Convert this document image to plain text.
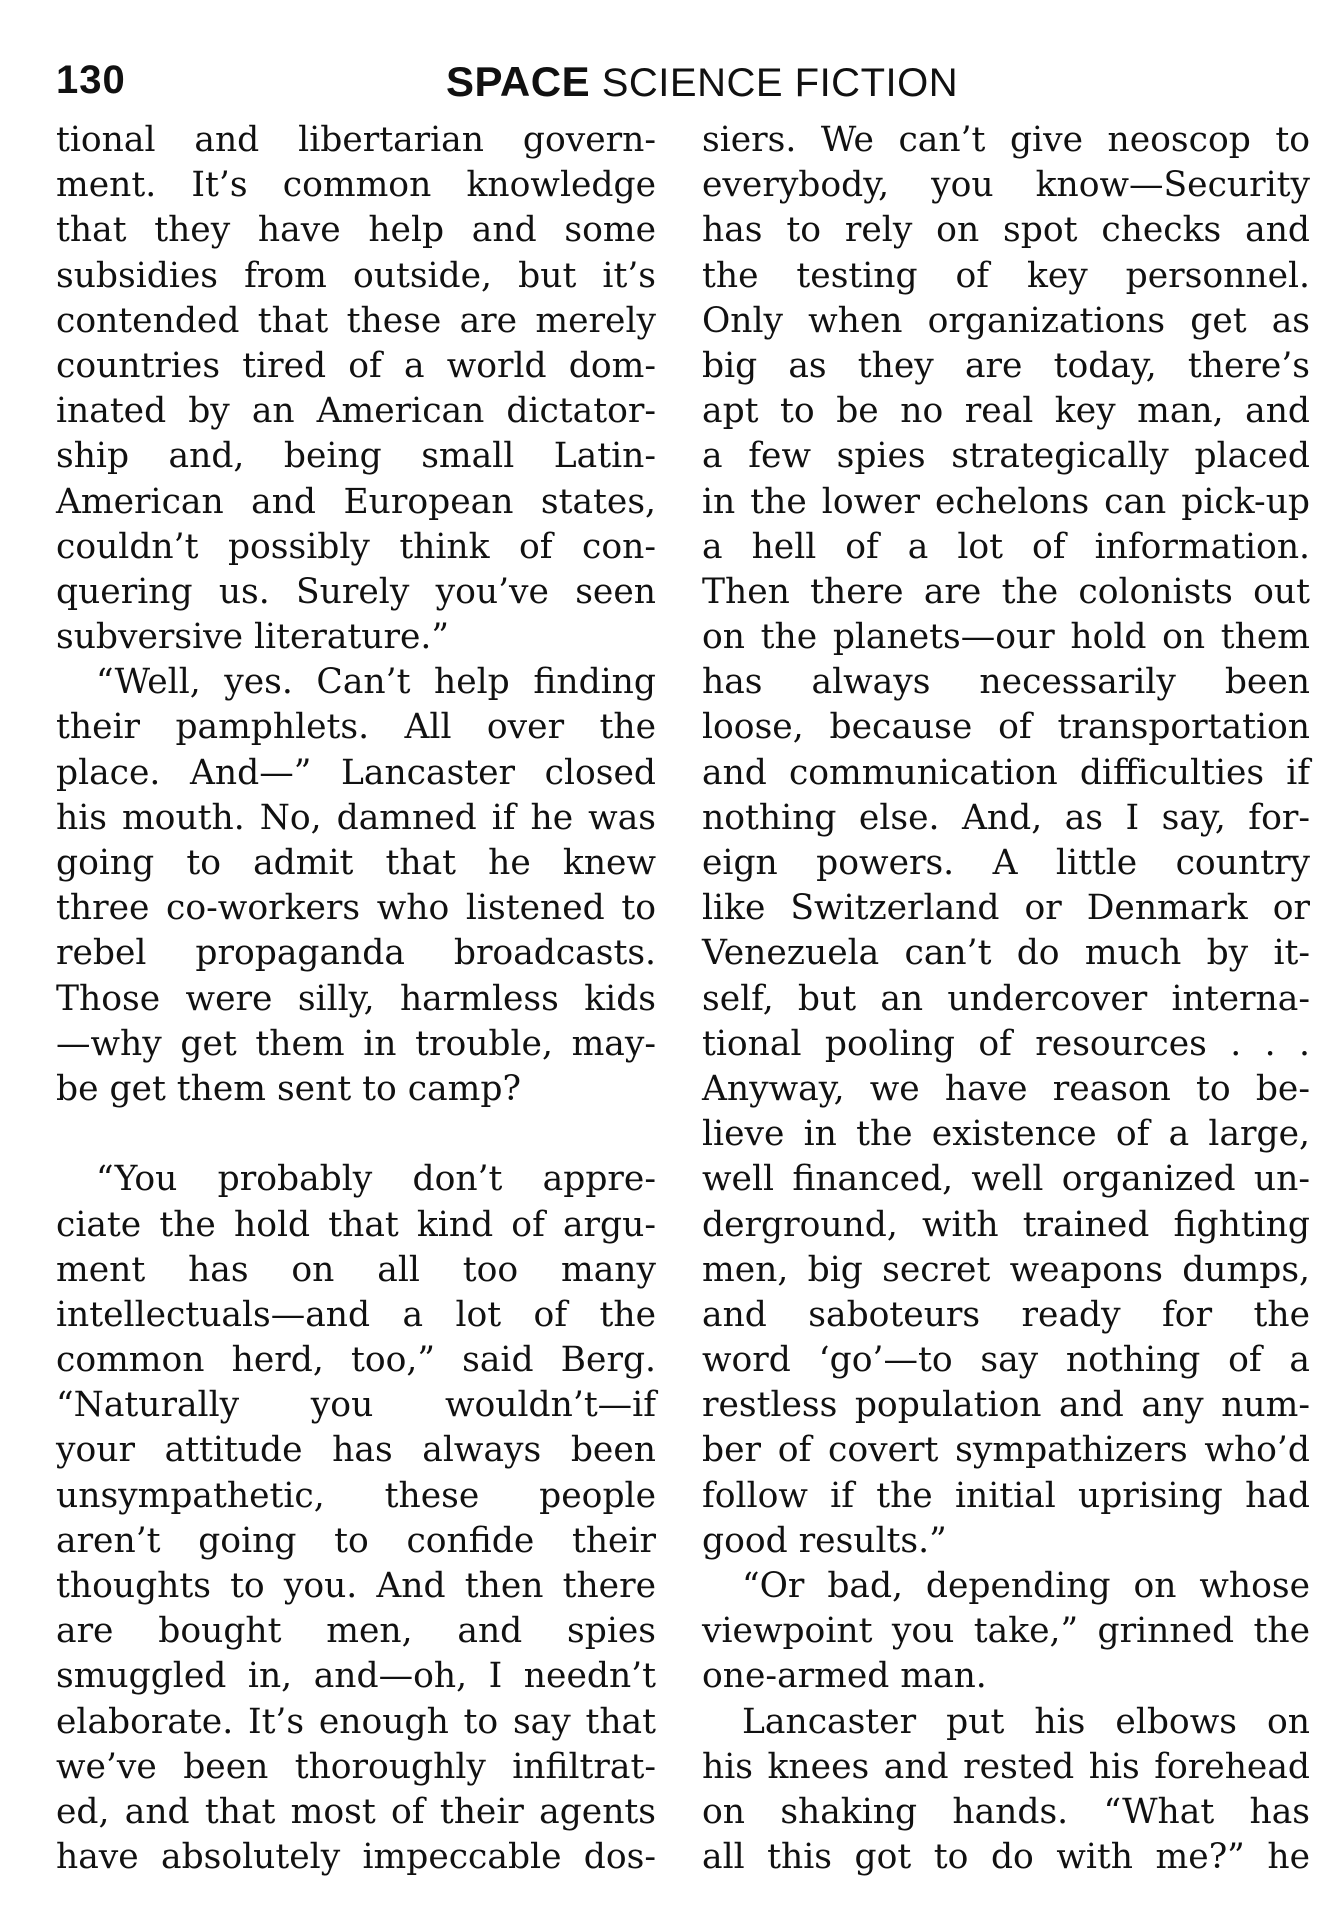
130	SPACE SCIENCE FICTION
tional and libertarian govern-
ment. It’s common knowledge
that they have help and some
subsidies from outside, but it’s
contended that these are merely
countries tired of a world dom-
inated by an American dictator-
ship and, being small Latin-
American and European states,
couldn’t possibly think of con-
quering us. Surely you’ve seen
subversive literature.”
“Well, yes. Can’t help finding
their pamphlets. All over the
place. And—” Lancaster closed
his mouth. No, damned if he was
going to admit that he knew
three co-workers who listened to
rebel propaganda broadcasts.
Those were silly, harmless kids
—why get them in trouble, may-
be get them sent to camp?
“You probably don’t appre-
ciate the hold that kind of argu-
ment has on all too many
intellectuals—and a lot of the
common herd, too,” said Berg.
“Naturally you wouldn’t—if
your attitude has always been
unsympathetic, these people
aren’t going to confide their
thoughts to you. And then there
are bought men, and spies
smuggled in, and—oh, I needn’t
elaborate. It’s enough to say that
we’ve been thoroughly infiltrat-
ed, and that most of their agents
have absolutely impeccable dos-
siers. We can’t give neoscop to
everybody, you know—Security
has to rely on spot checks and
the testing of key personnel.
Only when organizations get as
big as they are today, there’s
apt to be no real key man, and
a few spies strategically placed
in the lower echelons can pick-up
a hell of a lot of information.
Then there are the colonists out
on the planets—our hold on them
has always necessarily been
loose, because of transportation
and communication difficulties if
nothing else. And, as I say, for-
eign powers. A little country
like Switzerland or Denmark or
Venezuela can’t do much by it-
self, but an undercover interna-
tional pooling of resources . . .
Anyway, we have reason to be-
lieve in the existence of a large,
well financed, well organized un-
derground, with trained fighting
men, big secret weapons dumps,
and saboteurs ready for the
word ‘go’—to say nothing of a
restless population and any num-
ber of covert sympathizers who’d
follow if the initial uprising had
good results.”
“Or bad, depending on whose
viewpoint you take,” grinned the
one-armed man.
Lancaster put his elbows on
his knees and rested his forehead
on shaking hands. “What has
all this got to do with me?” he
